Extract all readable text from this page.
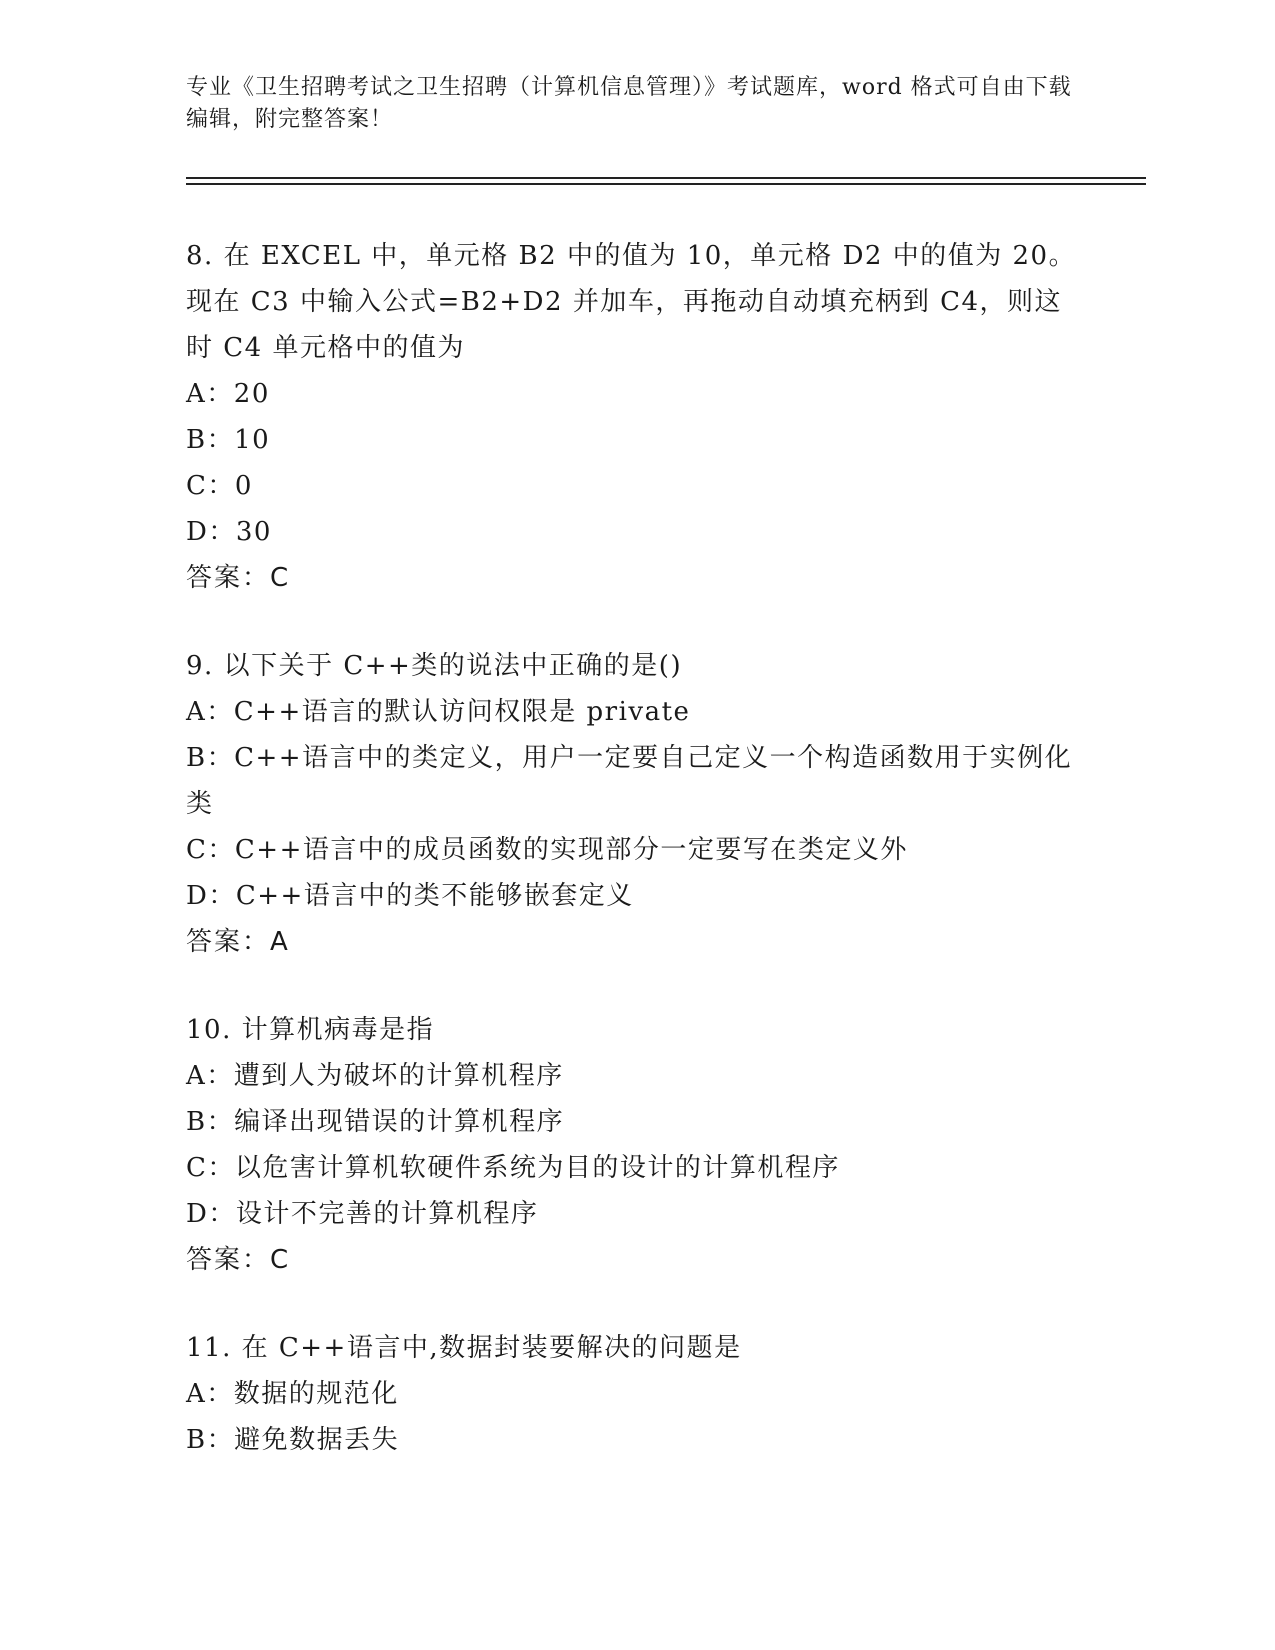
专业《卫生招聘考试之卫生招聘（计算机信息管理）》考试题库，word 格式可自由下载编辑，附完整答案！
8. 在 EXCEL 中，单元格 B2 中的值为 10，单元格 D2 中的值为 20。现在 C3 中输入公式=B2+D2 并加车，再拖动自动填充柄到 C4，则这时 C4 单元格中的值为
A：20
B：10
C：0
D：30
答案：C
9. 以下关于 C++类的说法中正确的是()
A：C++语言的默认访问权限是 private
B：C++语言中的类定义，用户一定要自己定义一个构造函数用于实例化类
C：C++语言中的成员函数的实现部分一定要写在类定义外
D：C++语言中的类不能够嵌套定义
答案：A
10. 计算机病毒是指
A：遭到人为破坏的计算机程序
B：编译出现错误的计算机程序
C：以危害计算机软硬件系统为目的设计的计算机程序
D：设计不完善的计算机程序
答案：C
11. 在 C++语言中,数据封装要解决的问题是
A：数据的规范化
B：避免数据丢失
